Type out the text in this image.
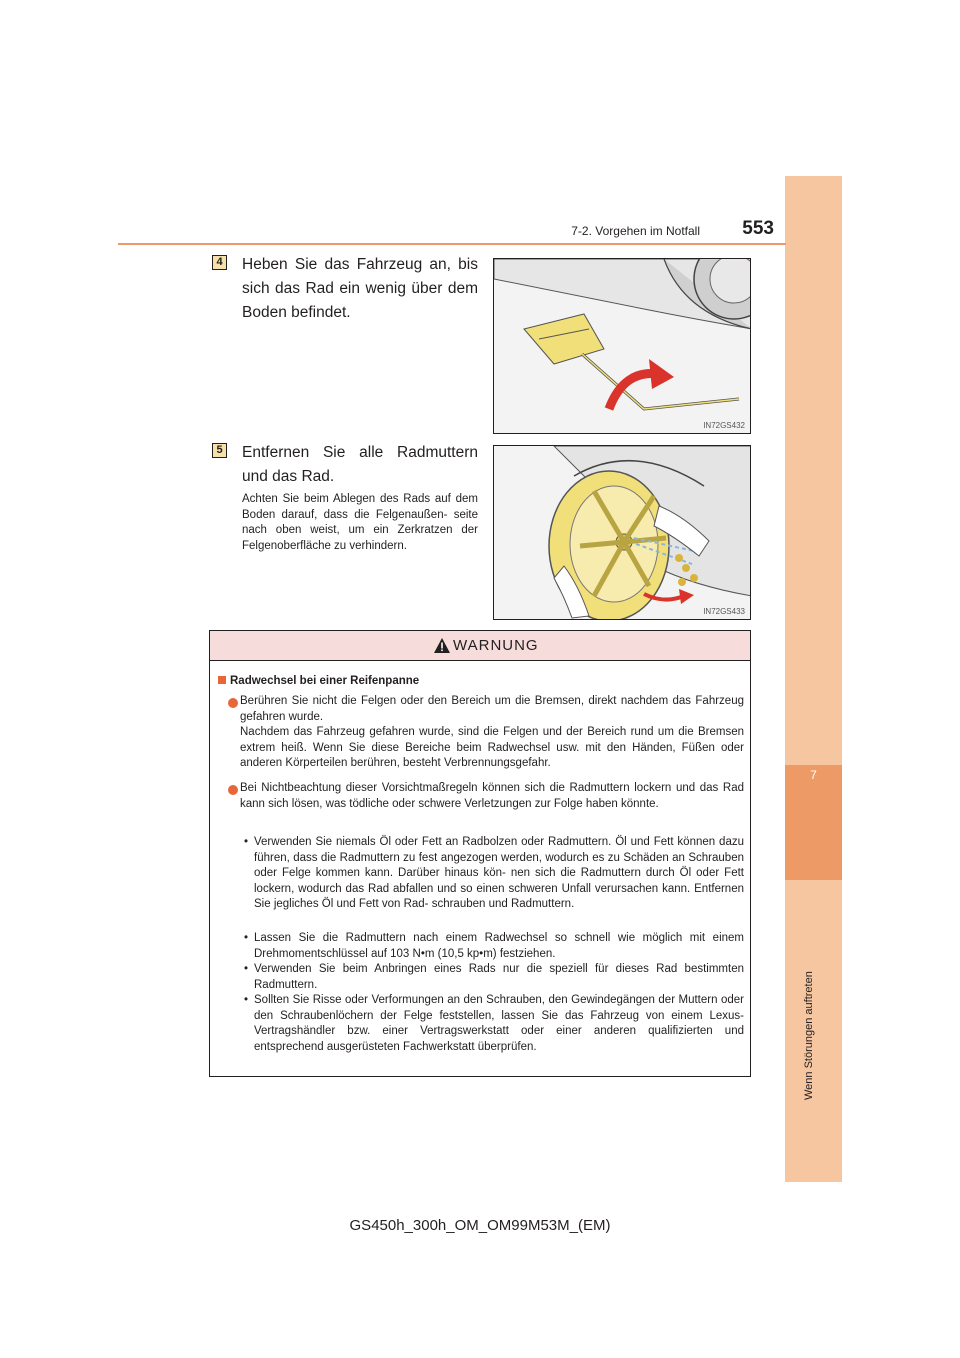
7
Wenn Störungen auftreten
7-2. Vorgehen im Notfall	553
4 Heben Sie das Fahrzeug an, bis sich das Rad ein wenig über dem Boden befindet.
IN72GS432
5 Entfernen Sie alle Radmuttern und das Rad.
Achten Sie beim Ablegen des Rads auf dem Boden darauf, dass die Felgenaußen- seite nach oben weist, um ein Zerkratzen der Felgenoberfläche zu verhindern.
IN72GS433
WARNUNG
Radwechsel bei einer Reifenpanne
Berühren Sie nicht die Felgen oder den Bereich um die Bremsen, direkt nachdem das Fahrzeug gefahren wurde.
Nachdem das Fahrzeug gefahren wurde, sind die Felgen und der Bereich rund um die Bremsen extrem heiß. Wenn Sie diese Bereiche beim Radwechsel usw. mit den Händen, Füßen oder anderen Körperteilen berühren, besteht Verbrennungsgefahr.
Bei Nichtbeachtung dieser Vorsichtmaßregeln können sich die Radmuttern lockern und das Rad kann sich lösen, was tödliche oder schwere Verletzungen zur Folge haben könnte.
• Verwenden Sie niemals Öl oder Fett an Radbolzen oder Radmuttern. Öl und Fett können dazu führen, dass die Radmuttern zu fest angezogen werden, wodurch es zu Schäden an Schrauben oder Felge kommen kann. Darüber hinaus kön- nen sich die Radmuttern durch Öl oder Fett lockern, wodurch das Rad abfallen und so einen schweren Unfall verursachen kann. Entfernen Sie jegliches Öl und Fett von Rad- schrauben und Radmuttern.
• Lassen Sie die Radmuttern nach einem Radwechsel so schnell wie möglich mit einem Drehmomentschlüssel auf 103 N•m (10,5 kp•m) festziehen.
• Verwenden Sie beim Anbringen eines Rads nur die speziell für dieses Rad bestimmten Radmuttern.
• Sollten Sie Risse oder Verformungen an den Schrauben, den Gewindegängen der Muttern oder den Schraubenlöchern der Felge feststellen, lassen Sie das Fahrzeug von einem Lexus-Vertragshändler bzw. einer Vertragswerkstatt oder einer anderen qualifizierten und entsprechend ausgerüsteten Fachwerkstatt überprüfen.
GS450h_300h_OM_OM99M53M_(EM)
